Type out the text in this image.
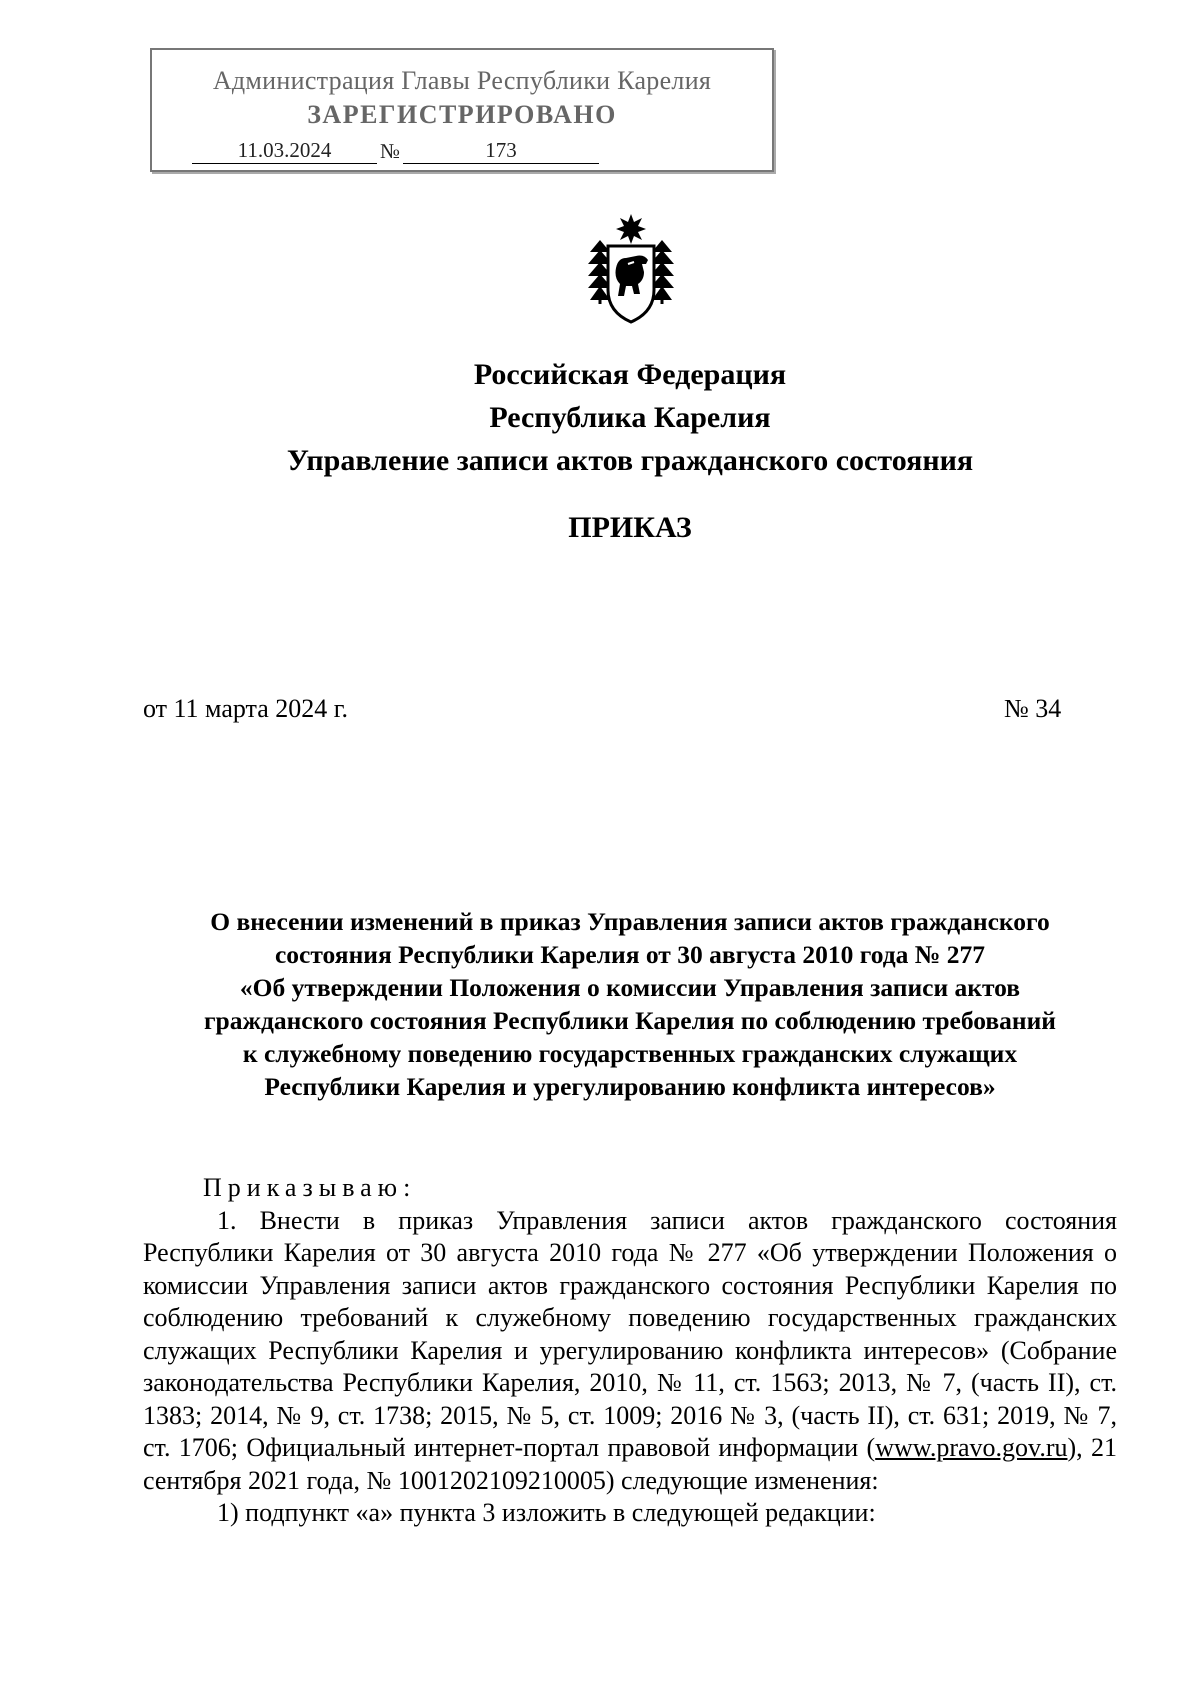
Администрация Главы Республики Карелия
ЗАРЕГИСТРИРОВАНО
11.03.2024 №	173
Российская Федерация
Республика Карелия
Управление записи актов гражданского состояния
ПРИКАЗ
от 11 марта 2024 г.	№ 34
О внесении изменений в приказ Управления записи актов гражданского
состояния Республики Карелия от 30 августа 2010 года № 277
«Об утверждении Положения о комиссии Управления записи актов
гражданского состояния Республики Карелия по соблюдению требований
к служебному поведению государственных гражданских служащих
Республики Карелия и урегулированию конфликта интересов»
Приказываю:

1. Внести в приказ Управления записи актов гражданского состояния Республики Карелия от 30 августа 2010 года № 277 «Об утверждении Положения о комиссии Управления записи актов гражданского состояния Республики Карелия по соблюдению требований к служебному поведению государственных гражданских служащих Республики Карелия и урегулированию конфликта интересов» (Собрание законодательства Республики Карелия, 2010, № 11, ст. 1563; 2013, № 7, (часть II), ст. 1383; 2014, № 9, ст. 1738; 2015, № 5, ст. 1009; 2016 № 3, (часть II), ст. 631; 2019, № 7, ст. 1706; Официальный интернет-портал правовой информации (www.pravo.gov.ru), 21 сентября 2021 года, № 1001202109210005) следующие изменения:

1) подпункт «а» пункта 3 изложить в следующей редакции:
